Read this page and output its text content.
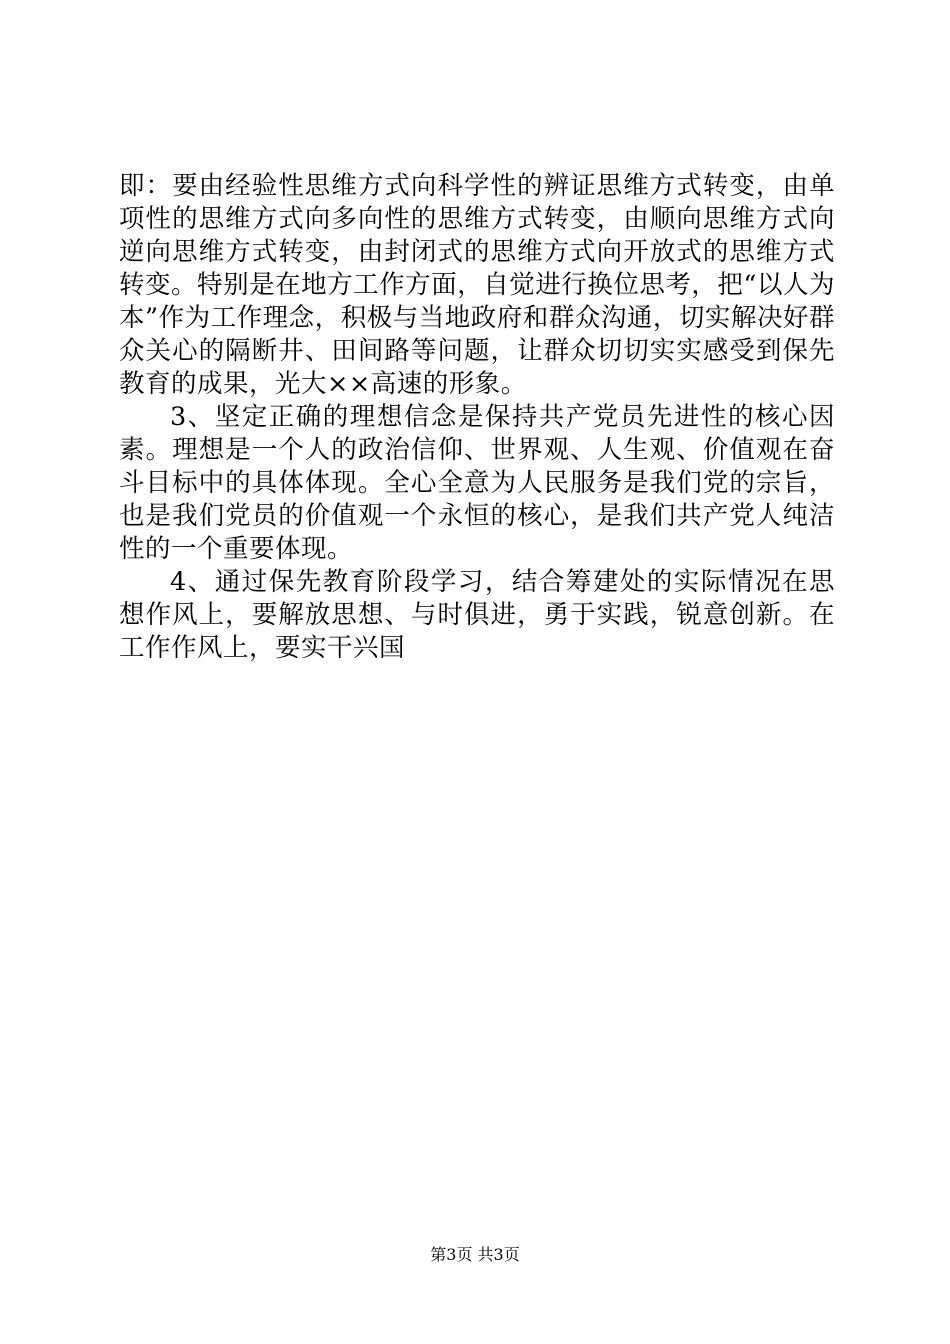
即：要由经验性思维方式向科学性的辨证思维方式转变，由单项性的思维方式向多向性的思维方式转变，由顺向思维方式向逆向思维方式转变，由封闭式的思维方式向开放式的思维方式转变。特别是在地方工作方面，自觉进行换位思考，把“以人为本”作为工作理念，积极与当地政府和群众沟通，切实解决好群众关心的隔断井、田间路等问题，让群众切切实实感受到保先教育的成果，光大××高速的形象。

3、坚定正确的理想信念是保持共产党员先进性的核心因素。理想是一个人的政治信仰、世界观、人生观、价值观在奋斗目标中的具体体现。全心全意为人民服务是我们党的宗旨，也是我们党员的价值观一个永恒的核心，是我们共产党人纯洁性的一个重要体现。

4、通过保先教育阶段学习，结合筹建处的实际情况在思想作风上，要解放思想、与时俱进，勇于实践，锐意创新。在工作作风上，要实干兴国

第3页 共3页
